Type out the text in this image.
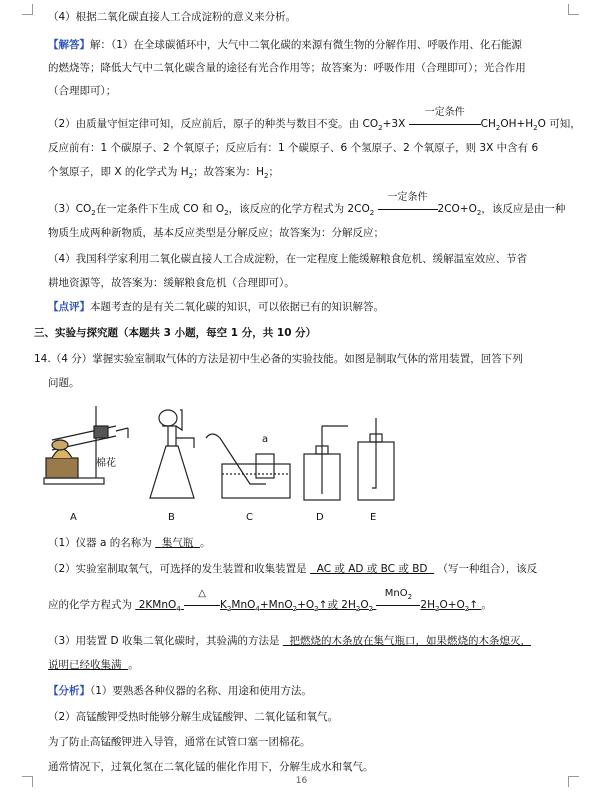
（4）根据二氧化碳直接人工合成淀粉的意义来分析。
【解答】解：（1）在全球碳循环中，大气中二氧化碳的来源有微生物的分解作用、呼吸作用、化石能源
的燃烧等；降低大气中二氧化碳含量的途径有光合作用等；故答案为：呼吸作用（合理即可）；光合作用
（合理即可）；
（2）由质量守恒定律可知，反应前后，原子的种类与数目不变。由 $CO_2+3X$
一定条件
$CH_2OH+H_2O$ 可知，
反应前有：1 个碳原子、2 个氧原子；反应后有：1 个碳原子、6 个氢原子、2 个氧原子，则 3X 中含有 6
个氢原子，即 X 的化学式为 $H_2$；故答案为：$H_2$；
$(3)CO_2$在一定条件下生成 CO 和 $O_2$，该反应的化学方程式为 $2CO_2$
一定条件
$2CO+O_2$，该反应是由一种
物质生成两种新物质，基本反应类型是分解反应；故答案为：分解反应；
（4）我国科学家利用二氧化碳直接人工合成淀粉，在一定程度上能缓解粮食危机、缓解温室效应、节省
耕地资源等，故答案为：缓解粮食危机（合理即可）。
【点评】本题考查的是有关二氧化碳的知识，可以依据已有的知识解答。
三、实验与探究题（本题共 3 小题，每空 1 分，共 10 分）
14.（4 分）掌握实验室制取气体的方法是初中生必备的实验技能。如图是制取气体的常用装置，回答下列
问题。
棉花
a
A	B	C	D	E
（1）仪器 a 的名称为 集气瓶 。
（2）实验室制取氧气，可选择的发生装置和收集装置是 AC 或 AD 或 BC 或 BD （写一种组合），该反
应的化学方程式为 2KMnO$_4$
△
$K_2MnO_4+MnO_2+O_2↑$或 $2H_2O_2$
MnO$_2$
$2H_2O+O_2↑$ 。
（3）用装置 D 收集二氧化碳时，其验满的方法是 把燃烧的木条放在集气瓶口，如果燃烧的木条熄灭，
说明已经收集满 。
【分析】（1）要熟悉各种仪器的名称、用途和使用方法。
（2）高锰酸钾受热时能够分解生成锰酸钾、二氧化锰和氧气。
为了防止高锰酸钾进入导管，通常在试管口塞一团棉花。
通常情况下，过氧化氢在二氧化锰的催化作用下，分解生成水和氧气。
16
